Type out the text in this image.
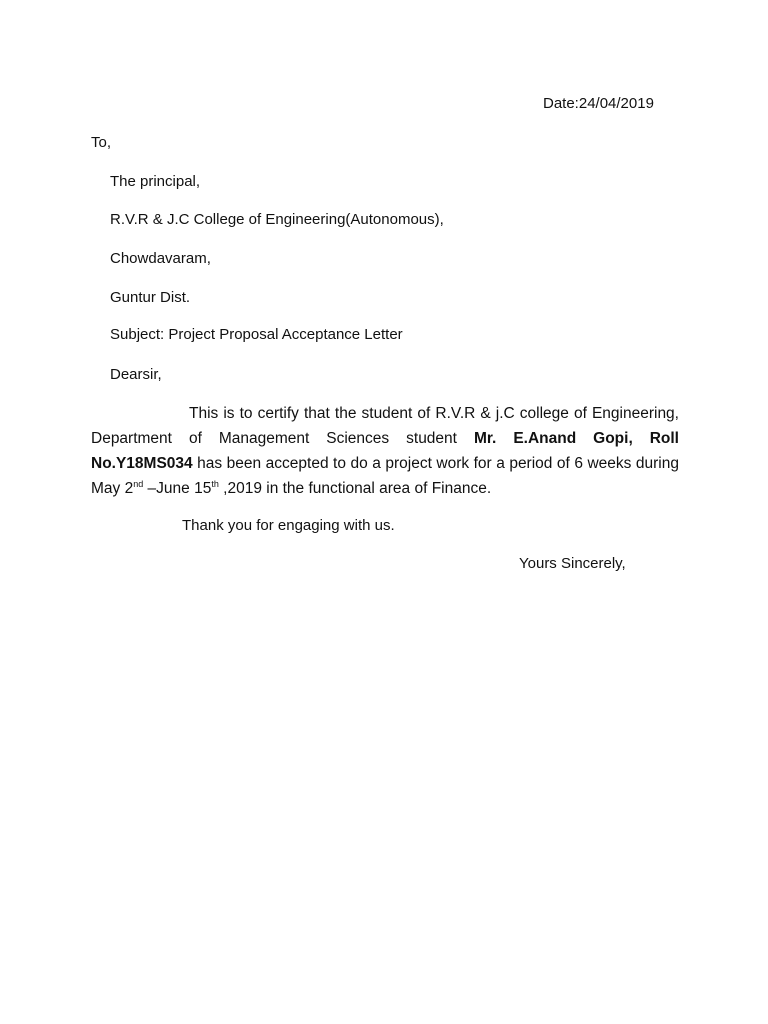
Date:24/04/2019
To,
The principal,
R.V.R & J.C College of Engineering(Autonomous),
Chowdavaram,
Guntur Dist.
Subject: Project Proposal Acceptance Letter
Dearsir,
This is to certify that the student of R.V.R & j.C college of Engineering, Department of Management Sciences student Mr. E.Anand Gopi, Roll No.Y18MS034 has been accepted to do a project work for a period of 6 weeks during May 2nd –June 15th ,2019 in the functional area of Finance.
Thank you for engaging with us.
Yours Sincerely,
